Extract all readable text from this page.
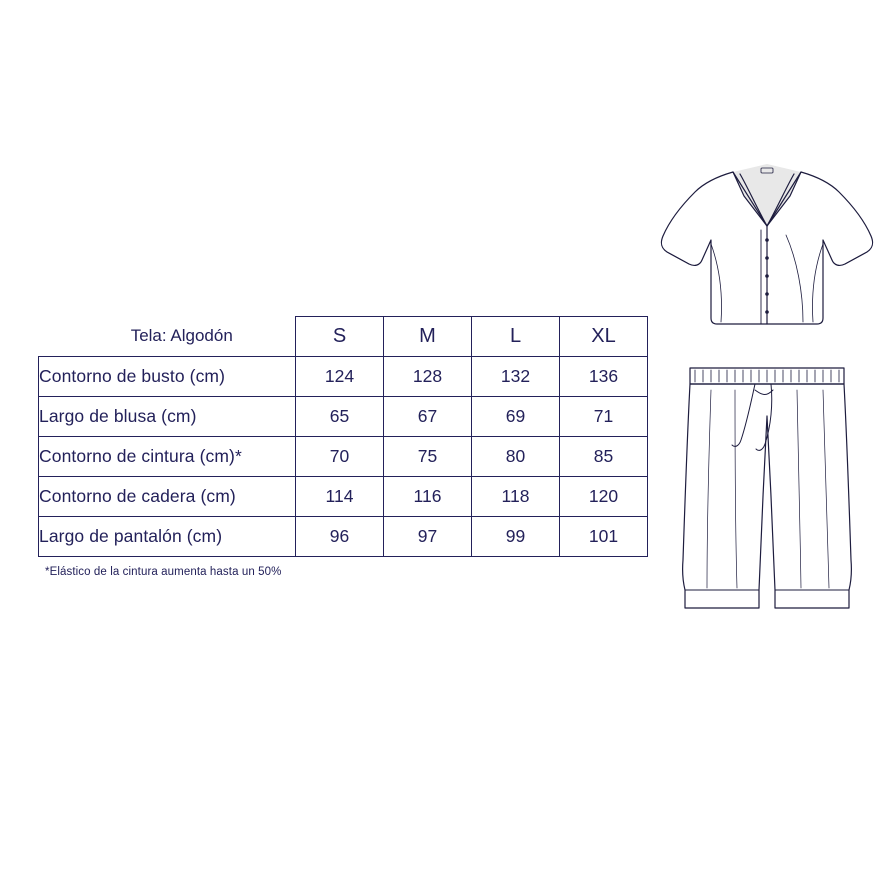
Tela: Algodón	S	M	L	XL
Contorno de busto (cm)	124	128	132	136
Largo de blusa (cm)	65	67	69	71
Contorno de cintura (cm)*	70	75	80	85
Contorno de cadera (cm)	114	116	118	120
Largo de pantalón (cm)	96	97	99	101
*Elástico de la cintura aumenta hasta un 50%
